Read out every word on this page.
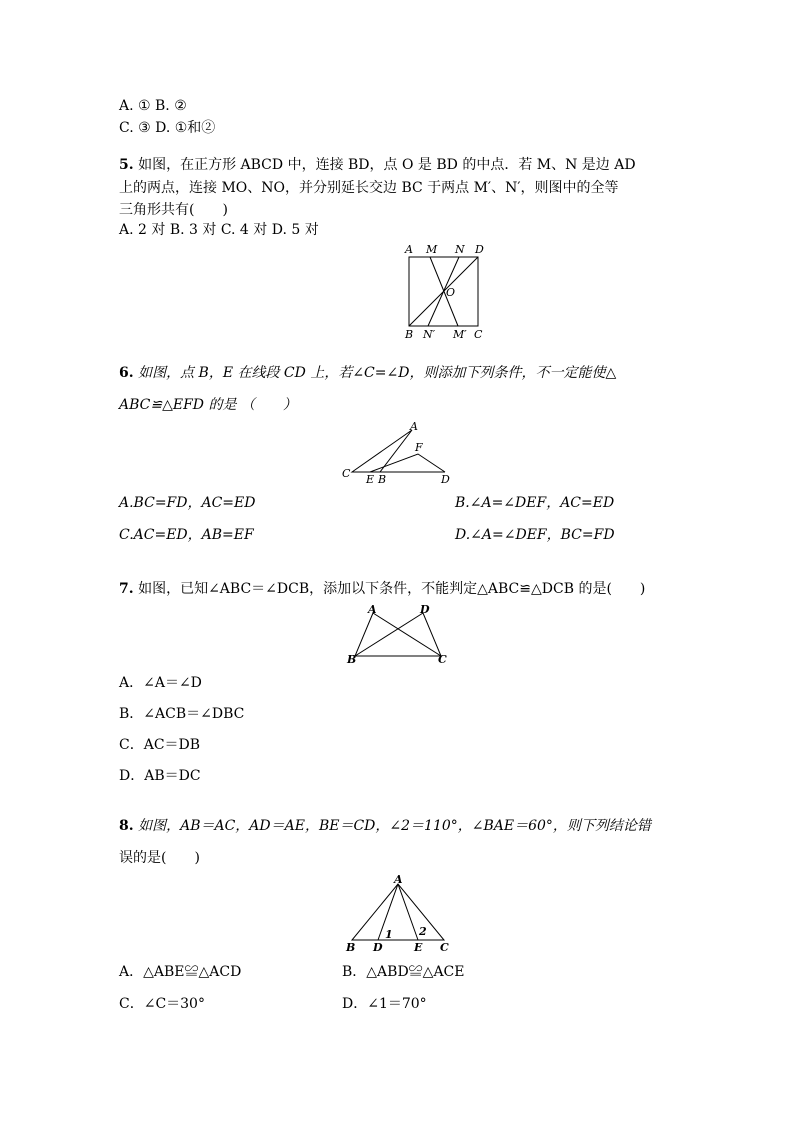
A. ① B. ②
C. ③ D. ①和②
5. 如图，在正方形 ABCD 中，连接 BD，点 O 是 BD 的中点．若 M、N 是边 AD
上的两点，连接 MO、NO，并分别延长交边 BC 于两点 M′、N′，则图中的全等
三角形共有(　　)
A. 2 对 B. 3 对 C. 4 对 D. 5 对
A M N D
O
B N′ M′ C
6. 如图，点 B，E 在线段 CD 上，若∠C=∠D，则添加下列条件，不一定能使△
ABC≌△EFD 的是 （　　）
A
F
C E B	D
A.BC=FD，AC=ED	B.∠A=∠DEF，AC=ED
C.AC=ED，AB=EF	D.∠A=∠DEF，BC=FD
7. 如图，已知∠ABC＝∠DCB，添加以下条件，不能判定△ABC≌△DCB 的是(　　)
A	D
B	C
A．∠A＝∠D
B．∠ACB＝∠DBC
C．AC＝DB
D．AB＝DC
8. 如图，AB＝AC，AD＝AE，BE＝CD，∠2＝110°，∠BAE＝60°，则下列结论错
误的是(　　)
A
B D
1 2
E C
A．△ABE≌△ACD	B．△ABD≌△ACE
C．∠C＝30°	D．∠1＝70°
